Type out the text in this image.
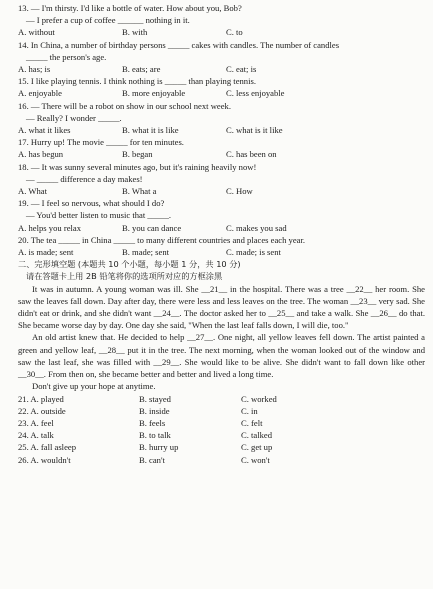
13. — I'm thirsty. I'd like a bottle of water. How about you, Bob?
— I prefer a cup of coffee ______ nothing in it.
A. without	B. with	C. to
14. In China, a number of birthday persons _____ cakes with candles. The number of candles
_____ the person's age.
A. has; is	B. eats; are	C. eat; is
15. I like playing tennis. I think nothing is _____ than playing tennis.
A. enjoyable	B. more enjoyable	C. less enjoyable
16. — There will be a robot on show in our school next week.
— Really? I wonder _____.
A. what it likes	B. what it is like	C. what is it like
17. Hurry up! The movie _____ for ten minutes.
A. has begun	B. began	C. has been on
18. — It was sunny several minutes ago, but it's raining heavily now!
— _____ difference a day makes!
A. What	B. What a	C. How
19. — I feel so nervous, what should I do?
— You'd better listen to music that _____.
A. helps you relax	B. you can dance	C. makes you sad
20. The tea _____ in China _____ to many different countries and places each year.
A. is made; sent	B. made; sent	C. made; is sent
二、完形填空题 (本题共 10 个小题，每小题 1 分，共 10 分)
请在答题卡上用 2B 铅笔将你的选项所对应的方框涂黑
It was in autumn. A young woman was ill. She __21__ in the hospital. There was a tree __22__ her room. She saw the leaves fall down. Day after day, there were less and less leaves on the tree. The woman __23__ very sad. She didn't eat or drink, and she didn't want __24__. The doctor asked her to __25__ and take a walk. She __26__ do that. She became worse day by day. One day she said, "When the last leaf falls down, I will die, too."
An old artist knew that. He decided to help __27__. One night, all yellow leaves fell down. The artist painted a green and yellow leaf, __28__ put it in the tree. The next morning, when the woman looked out of the window and saw the last leaf, she was filled with __29__. She would like to be alive. She didn't want to fall down like other __30__. From then on, she became better and better and lived a long time.
Don't give up your hope at anytime.
21. A. played	B. stayed	C. worked
22. A. outside	B. inside	C. in
23. A. feel	B. feels	C. felt
24. A. talk	B. to talk	C. talked
25. A. fall asleep	B. hurry up	C. get up
26. A. wouldn't	B. can't	C. won't
